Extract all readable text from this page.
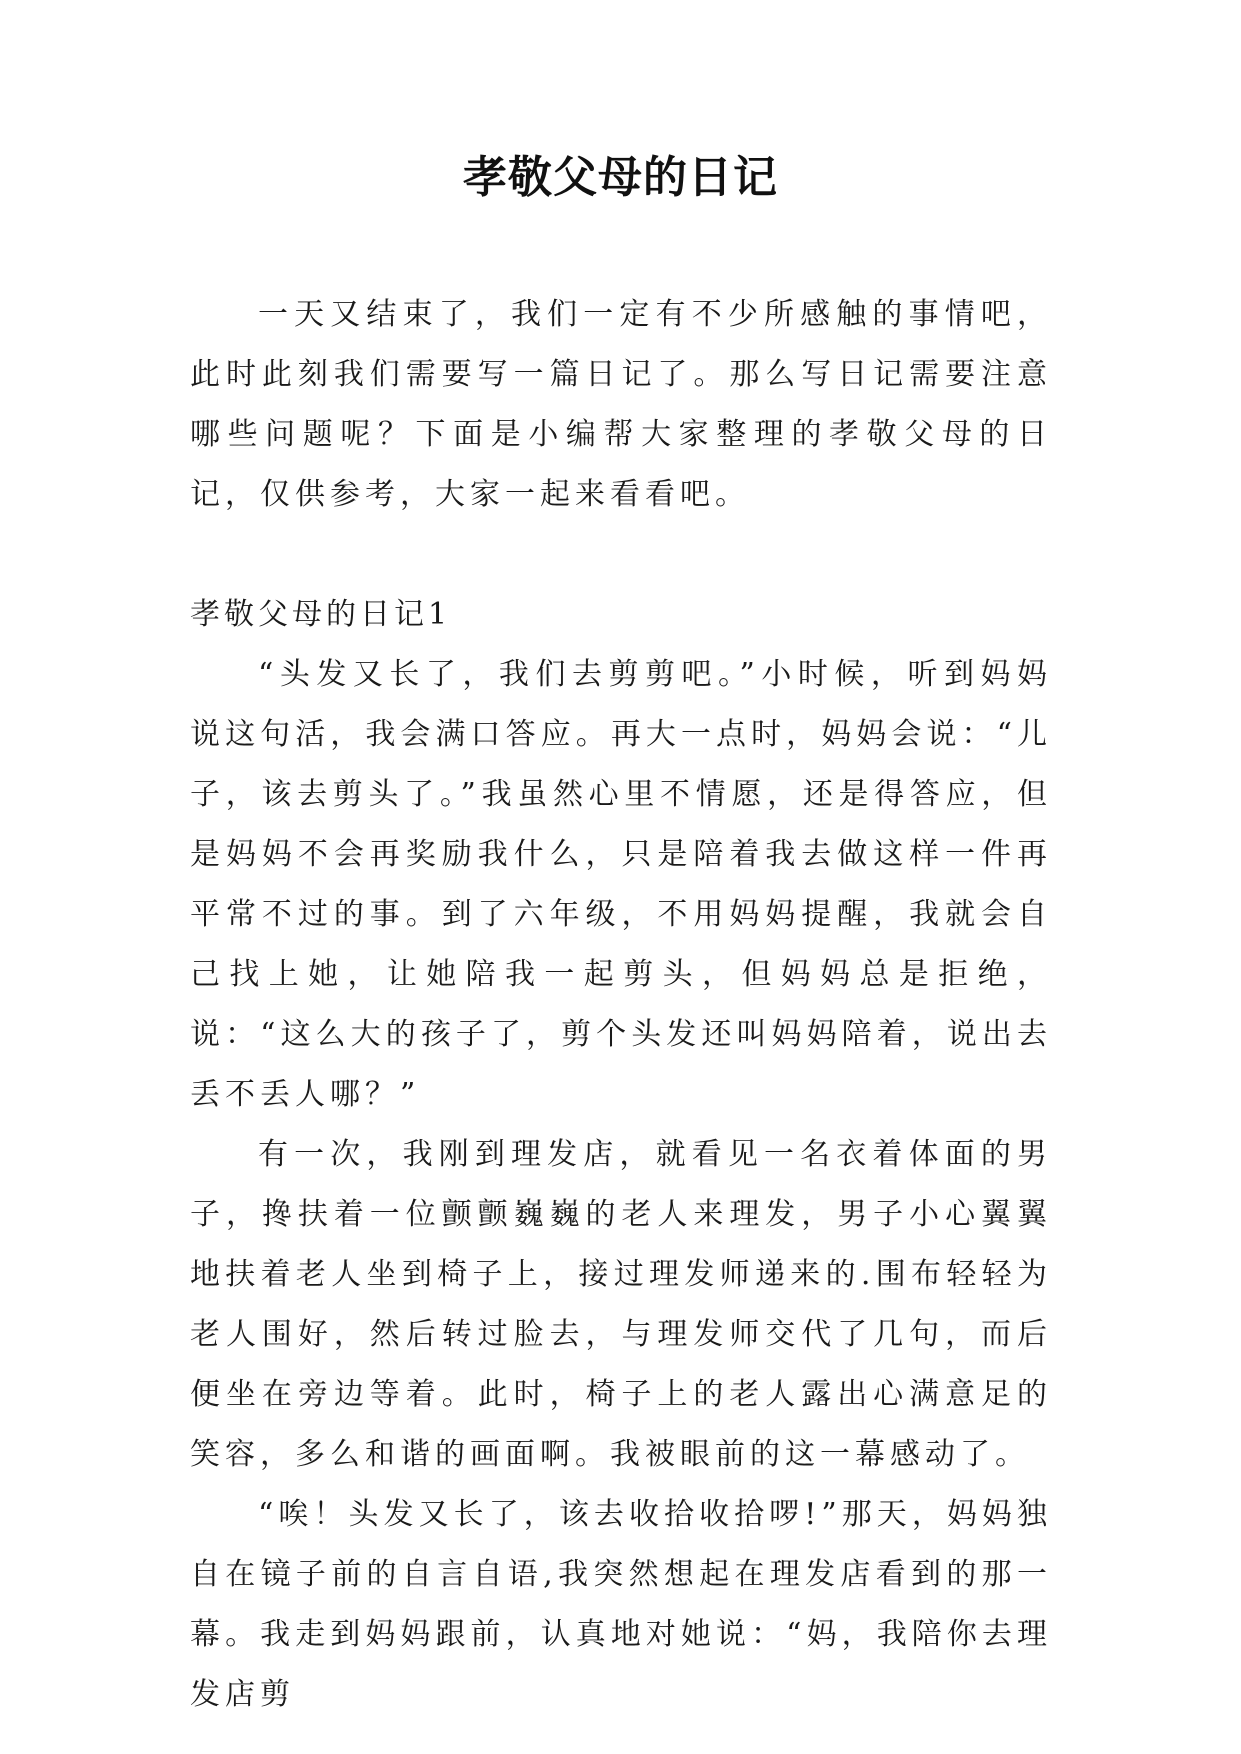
孝敬父母的日记

一天又结束了，我们一定有不少所感触的事情吧，此时此刻我们需要写一篇日记了。那么写日记需要注意哪些问题呢？下面是小编帮大家整理的孝敬父母的日记，仅供参考，大家一起来看看吧。

孝敬父母的日记1

“头发又长了，我们去剪剪吧。”小时候，听到妈妈说这句活，我会满口答应。再大一点时，妈妈会说：“儿子，该去剪头了。”我虽然心里不情愿，还是得答应，但是妈妈不会再奖励我什么，只是陪着我去做这样一件再平常不过的事。到了六年级，不用妈妈提醒，我就会自己找上她，让她陪我一起剪头，但妈妈总是拒绝，说：“这么大的孩子了，剪个头发还叫妈妈陪着，说出去丢不丢人哪？”

有一次，我刚到理发店，就看见一名衣着体面的男子，搀扶着一位颤颤巍巍的老人来理发，男子小心翼翼地扶着老人坐到椅子上，接过理发师递来的.围布轻轻为老人围好，然后转过脸去，与理发师交代了几句，而后便坐在旁边等着。此时，椅子上的老人露出心满意足的笑容，多么和谐的画面啊。我被眼前的这一幕感动了。

“唉！头发又长了，该去收拾收拾啰!”那天，妈妈独自在镜子前的自言自语,我突然想起在理发店看到的那一幕。我走到妈妈跟前，认真地对她说：“妈，我陪你去理发店剪
